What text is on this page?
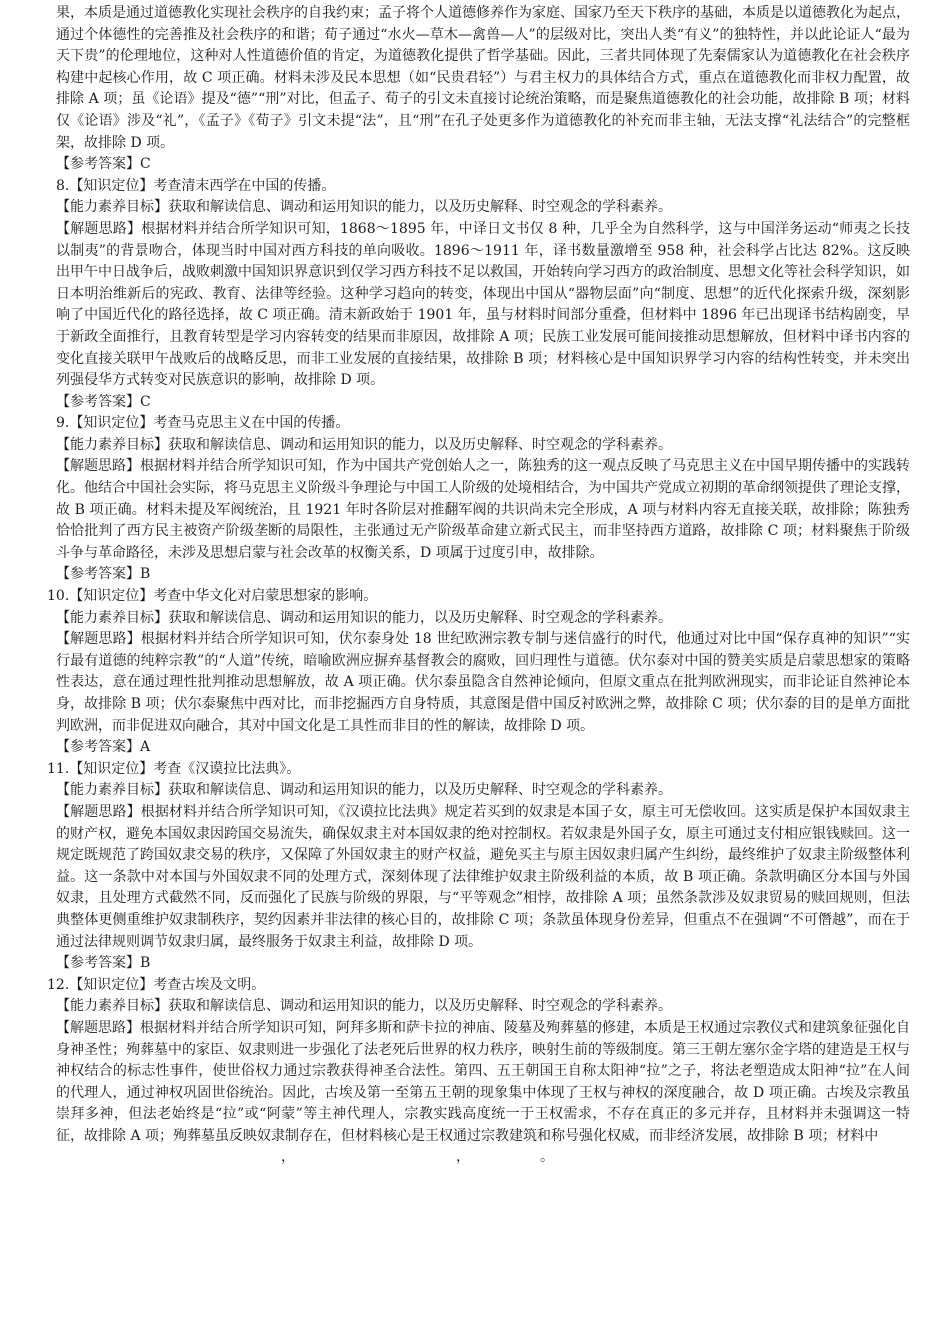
果，本质是通过道德教化实现社会秩序的自我约束；孟子将个人道德修养作为家庭、国家乃至天下秩序的基础，本质是以道德教化为起点，通过个体德性的完善推及社会秩序的和谐；荀子通过“水火—草木—禽兽—人”的层级对比，突出人类“有义”的独特性，并以此论证人“最为天下贵”的伦理地位，这种对人性道德价值的肯定，为道德教化提供了哲学基础。因此，三者共同体现了先秦儒家认为道德教化在社会秩序构建中起核心作用，故 C 项正确。材料未涉及民本思想（如“民贵君轻”）与君主权力的具体结合方式，重点在道德教化而非权力配置，故排除 A 项；虽《论语》提及“德”“刑”对比，但孟子、荀子的引文未直接讨论统治策略，而是聚焦道德教化的社会功能，故排除 B 项；材料仅《论语》涉及“礼”，《孟子》《荀子》引文未提“法”，且“刑”在孔子处更多作为道德教化的补充而非主轴，无法支撑“礼法结合”的完整框架，故排除 D 项。

【参考答案】C

8. 【知识定位】考查清末西学在中国的传播。

【能力素养目标】获取和解读信息、调动和运用知识的能力，以及历史解释、时空观念的学科素养。

【解题思路】根据材料并结合所学知识可知，1868～1895 年，中译日文书仅 8 种，几乎全为自然科学，这与中国洋务运动“师夷之长技以制夷”的背景吻合，体现当时中国对西方科技的单向吸收。1896～1911 年，译书数量激增至 958 种，社会科学占比达 82%。这反映出甲午中日战争后，战败刺激中国知识界意识到仅学习西方科技不足以救国，开始转向学习西方的政治制度、思想文化等社会科学知识，如日本明治维新后的宪政、教育、法律等经验。这种学习趋向的转变，体现出中国从“器物层面”向“制度、思想”的近代化探索升级，深刻影响了中国近代化的路径选择，故 C 项正确。清末新政始于 1901 年，虽与材料时间部分重叠，但材料中 1896 年已出现译书结构剧变，早于新政全面推行，且教育转型是学习内容转变的结果而非原因，故排除 A 项；民族工业发展可能间接推动思想解放，但材料中译书内容的变化直接关联甲午战败后的战略反思，而非工业发展的直接结果，故排除 B 项；材料核心是中国知识界学习内容的结构性转变，并未突出列强侵华方式转变对民族意识的影响，故排除 D 项。

【参考答案】C

9. 【知识定位】考查马克思主义在中国的传播。

【能力素养目标】获取和解读信息、调动和运用知识的能力，以及历史解释、时空观念的学科素养。

【解题思路】根据材料并结合所学知识可知，作为中国共产党创始人之一，陈独秀的这一观点反映了马克思主义在中国早期传播中的实践转化。他结合中国社会实际，将马克思主义阶级斗争理论与中国工人阶级的处境相结合，为中国共产党成立初期的革命纲领提供了理论支撑，故 B 项正确。材料未提及军阀统治，且 1921 年时各阶层对推翻军阀的共识尚未完全形成，A 项与材料内容无直接关联，故排除；陈独秀恰恰批判了西方民主被资产阶级垄断的局限性，主张通过无产阶级革命建立新式民主，而非坚持西方道路，故排除 C 项；材料聚焦于阶级斗争与革命路径，未涉及思想启蒙与社会改革的权衡关系，D 项属于过度引申，故排除。

【参考答案】B

10. 【知识定位】考查中华文化对启蒙思想家的影响。

【能力素养目标】获取和解读信息、调动和运用知识的能力，以及历史解释、时空观念的学科素养。

【解题思路】根据材料并结合所学知识可知，伏尔泰身处 18 世纪欧洲宗教专制与迷信盛行的时代，他通过对比中国“保存真神的知识”“实行最有道德的纯粹宗教”的“人道”传统，暗喻欧洲应摒弃基督教会的腐败，回归理性与道德。伏尔泰对中国的赞美实质是启蒙思想家的策略性表达，意在通过理性批判推动思想解放，故 A 项正确。伏尔泰虽隐含自然神论倾向，但原文重点在批判欧洲现实，而非论证自然神论本身，故排除 B 项；伏尔泰聚焦中西对比，而非挖掘西方自身特质，其意图是借中国反衬欧洲之弊，故排除 C 项；伏尔泰的目的是单方面批判欧洲，而非促进双向融合，其对中国文化是工具性而非目的性的解读，故排除 D 项。

【参考答案】A

11. 【知识定位】考查《汉谟拉比法典》。

【能力素养目标】获取和解读信息、调动和运用知识的能力，以及历史解释、时空观念的学科素养。

【解题思路】根据材料并结合所学知识可知，《汉谟拉比法典》规定若买到的奴隶是本国子女，原主可无偿收回。这实质是保护本国奴隶主的财产权，避免本国奴隶因跨国交易流失，确保奴隶主对本国奴隶的绝对控制权。若奴隶是外国子女，原主可通过支付相应银钱赎回。这一规定既规范了跨国奴隶交易的秩序，又保障了外国奴隶主的财产权益，避免买主与原主因奴隶归属产生纠纷，最终维护了奴隶主阶级整体利益。这一条款中对本国与外国奴隶不同的处理方式，深刻体现了法律维护奴隶主阶级利益的本质，故 B 项正确。条款明确区分本国与外国奴隶，且处理方式截然不同，反而强化了民族与阶级的界限，与“平等观念”相悖，故排除 A 项；虽然条款涉及奴隶贸易的赎回规则，但法典整体更侧重维护奴隶制秩序，契约因素并非法律的核心目的，故排除 C 项；条款虽体现身份差异，但重点不在强调“不可僭越”，而在于通过法律规则调节奴隶归属，最终服务于奴隶主利益，故排除 D 项。

【参考答案】B

12. 【知识定位】考查古埃及文明。

【能力素养目标】获取和解读信息、调动和运用知识的能力，以及历史解释、时空观念的学科素养。

【解题思路】根据材料并结合所学知识可知，阿拜多斯和萨卡拉的神庙、陵墓及殉葬墓的修建，本质是王权通过宗教仪式和建筑象征强化自身神圣性；殉葬墓中的家臣、奴隶则进一步强化了法老死后世界的权力秩序，映射生前的等级制度。第三王朝左塞尔金字塔的建造是王权与神权结合的标志性事件，使世俗权力通过宗教获得神圣合法性。第四、五王朝国王自称太阳神“拉”之子，将法老塑造成太阳神“拉”在人间的代理人，通过神权巩固世俗统治。因此，古埃及第一至第五王朝的现象集中体现了王权与神权的深度融合，故 D 项正确。古埃及宗教虽崇拜多神，但法老始终是“拉”或“阿蒙”等主神代理人，宗教实践高度统一于王权需求，不存在真正的多元并存，且材料并未强调这一特征，故排除 A 项；殉葬墓虽反映奴隶制存在，但材料核心是王权通过宗教建筑和称号强化权威，而非经济发展，故排除 B 项；材料中

，	，	。
